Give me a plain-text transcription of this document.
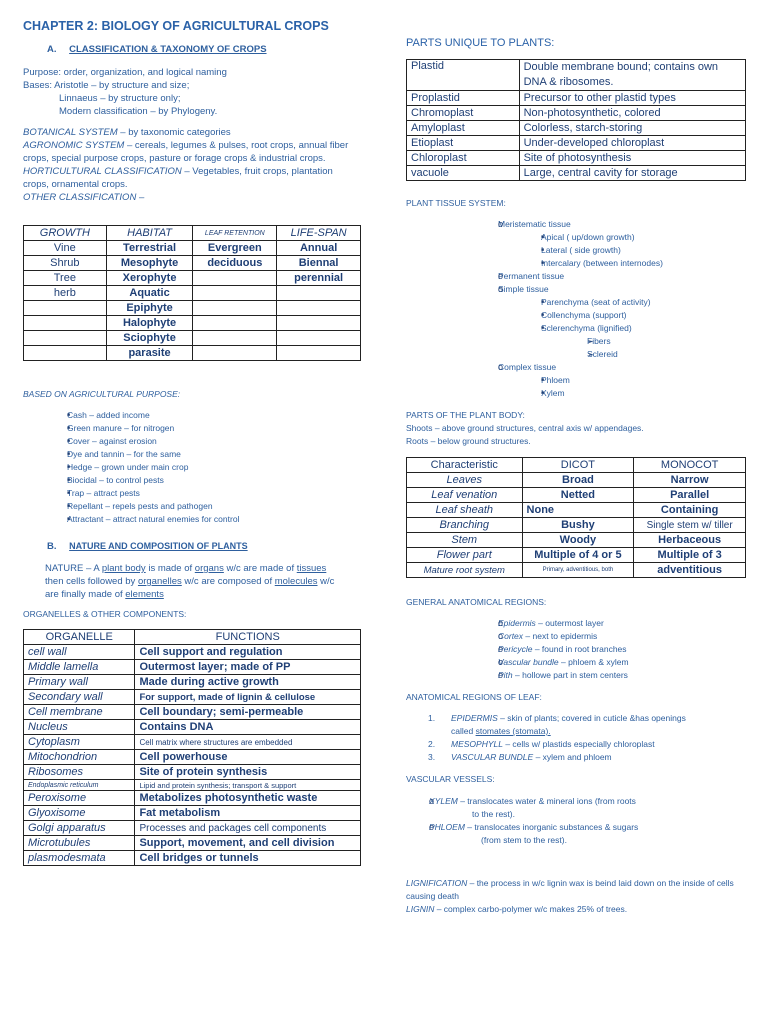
CHAPTER 2: BIOLOGY OF AGRICULTURAL CROPS
A. CLASSIFICATION & TAXONOMY OF CROPS
Purpose: order, organization, and logical naming
Bases: Aristotle – by structure and size;
Linnaeus – by structure only;
Modern classification – by Phylogeny.
BOTANICAL SYSTEM – by taxonomic categories
AGRONOMIC SYSTEM – cereals, legumes & pulses, root crops, annual fiber crops, special purpose crops, pasture or forage crops & industrial crops.
HORTICULTURAL CLASSIFICATION – Vegetables, fruit crops, plantation crops, ornamental crops.
OTHER CLASSIFICATION –
GROWTH	HABITAT	LEAF RETENTION	LIFE-SPAN
Vine	Terrestrial	Evergreen	Annual
Shrub	Mesophyte	deciduous	Biennal
Tree	Xerophyte		perennial
herb	Aquatic		
	Epiphyte		
	Halophyte		
	Sciophyte		
	parasite		
BASED ON AGRICULTURAL PURPOSE:
■ Cash – added income
■ Green manure – for nitrogen
■ Cover – against erosion
■ Dye and tannin – for the same
■ Hedge – grown under main crop
■ Biocidal – to control pests
■ Trap – attract pests
■ Repellant – repels pests and pathogen
■ Attractant – attract natural enemies for control
B. NATURE AND COMPOSITION OF PLANTS
NATURE – A plant body is made of organs w/c are made of tissues
then cells followed by organelles w/c are composed of molecules w/c
are finally made of elements
ORGANELLES & OTHER COMPONENTS:
ORGANELLE	FUNCTIONS
cell wall	Cell support and regulation
Middle lamella	Outermost layer; made of PP
Primary wall	Made during active growth
Secondary wall	For support, made of lignin & cellulose
Cell membrane	Cell boundary; semi-permeable
Nucleus	Contains DNA
Cytoplasm	Cell matrix where structures are embedded
Mitochondrion	Cell powerhouse
Ribosomes	Site of protein synthesis
Endoplasmic reticulum	Lipid and protein synthesis; transport & support
Peroxisome	Metabolizes photosynthetic waste
Glyoxisome	Fat metabolism
Golgi apparatus	Processes and packages cell components
Microtubules	Support, movement, and cell division
plasmodesmata	Cell bridges or tunnels
PARTS UNIQUE TO PLANTS:
Plastid	Double membrane bound; contains own DNA & ribosomes.
Proplastid	Precursor to other plastid types
Chromoplast	Non-photosynthetic, colored
Amyloplast	Colorless, starch-storing
Etioplast	Under-developed chloroplast
Chloroplast	Site of photosynthesis
vacuole	Large, central cavity for storage
PLANT TISSUE SYSTEM:
o Meristematic tissue
■ Apical ( up/down growth)
■ Lateral ( side growth)
■ Intercalary (between internodes)
o Permanent tissue
o Simple tissue
■ Parenchyma (seat of activity)
■ Collenchyma (support)
■ Sclerenchyma (lignified)
➢ Fibers
➢ Sclereid
o Complex tissue
■ Phloem
■ Xylem
PARTS OF THE PLANT BODY:
Shoots – above ground structures, central axis w/ appendages.
Roots – below ground structures.
Characteristic	DICOT	MONOCOT
Leaves	Broad	Narrow
Leaf venation	Netted	Parallel
Leaf sheath	None	Containing
Branching	Bushy	Single stem w/ tiller
Stem	Woody	Herbaceous
Flower part	Multiple of 4 or 5	Multiple of 3
Mature root system	Primary, adventitious, both	adventitious
GENERAL ANATOMICAL REGIONS:
o Epidermis – outermost layer
o Cortex – next to epidermis
o Pericycle – found in root branches
o Vascular bundle – phloem & xylem
o Pith – hollowe part in stem centers
ANATOMICAL REGIONS OF LEAF:
1. EPIDERMIS – skin of plants; covered in cuticle &has openings
called stomates (stomata).
2. MESOPHYLL – cells w/ plastids especially chloroplast
3. VASCULAR BUNDLE – xylem and phloem
VASCULAR VESSELS:
o XYLEM – translocates water & mineral ions (from roots
to the rest).
o PHLOEM – translocates inorganic substances & sugars
(from stem to the rest).
LIGNIFICATION – the process in w/c lignin wax is beind laid down on the inside of cells causing death
LIGNIN – complex carbo-polymer w/c makes 25% of trees.
